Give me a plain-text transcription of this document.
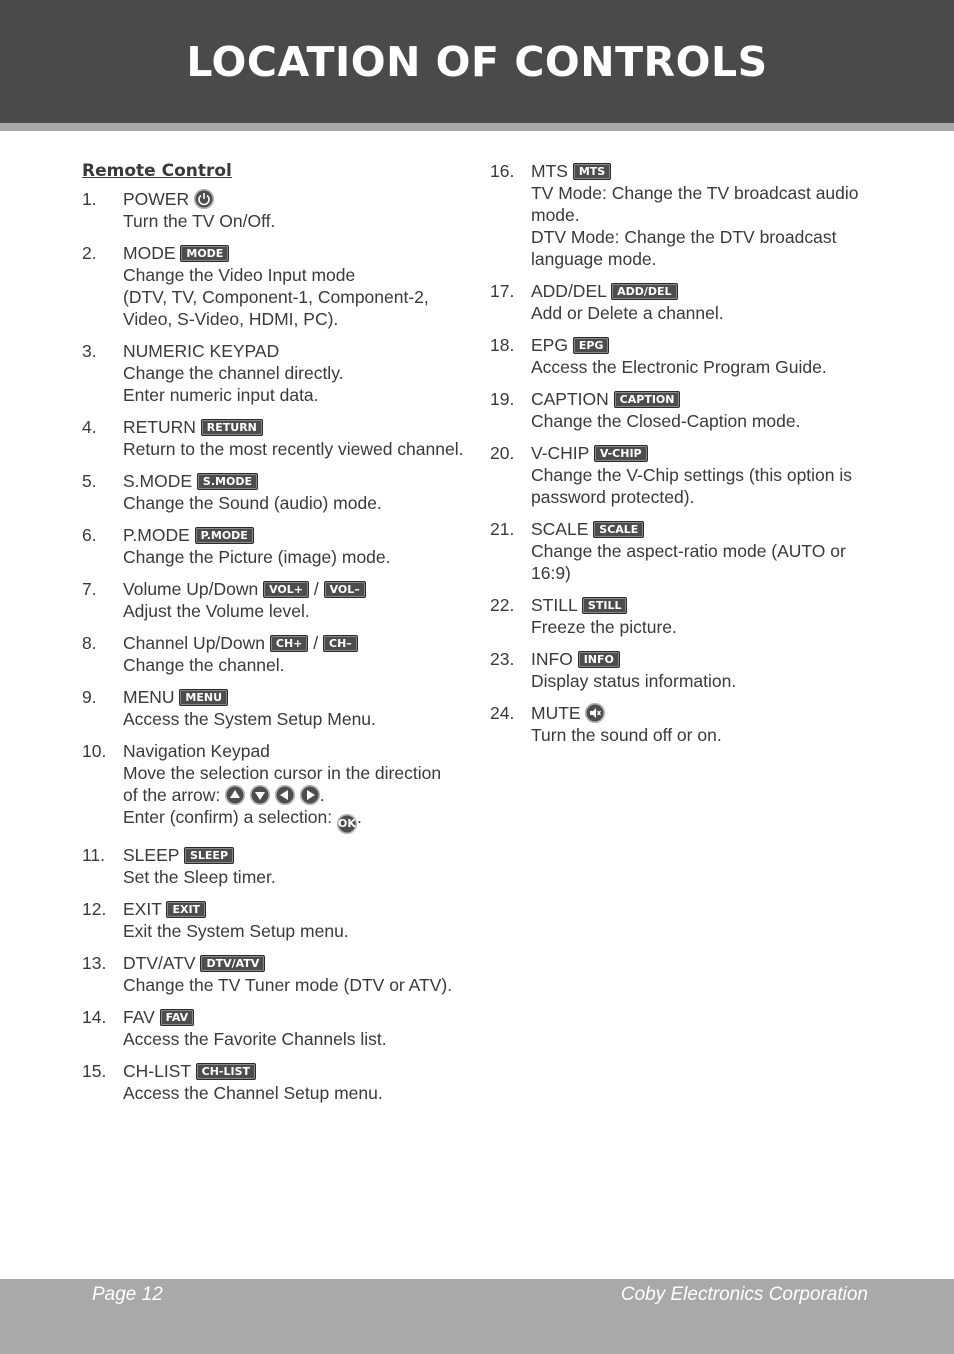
LOCATION OF CONTROLS
Remote Control
1. POWER
Turn the TV On/Off.
2. MODE MODE
Change the Video Input mode
(DTV, TV, Component-1, Component-2, Video, S-Video, HDMI, PC).
3. NUMERIC KEYPAD
Change the channel directly.
Enter numeric input data.
4. RETURN RETURN
Return to the most recently viewed channel.
5. S.MODE S.MODE
Change the Sound (audio) mode.
6. P.MODE P.MODE
Change the Picture (image) mode.
7. Volume Up/Down VOL+ / VOL–
Adjust the Volume level.
8. Channel Up/Down CH+ / CH–
Change the channel.
9. MENU MENU
Access the System Setup Menu.
10. Navigation Keypad
Move the selection cursor in the direction
of the arrow:

	.
Enter (confirm) a selection: OK.
11. SLEEP SLEEP
Set the Sleep timer.
12. EXIT EXIT
Exit the System Setup menu.
13. DTV/ATV DTV/ATV
Change the TV Tuner mode (DTV or ATV).
14. FAV FAV
Access the Favorite Channels list.
15. CH-LIST CH-LIST
Access the Channel Setup menu.
16. MTS MTS
TV Mode: Change the TV broadcast audio mode.
DTV Mode: Change the DTV broadcast language mode.
17. ADD/DEL ADD/DEL
Add or Delete a channel.
18. EPG EPG
Access the Electronic Program Guide.
19. CAPTION CAPTION
Change the Closed-Caption mode.
20. V-CHIP V-CHIP
Change the V-Chip settings (this option is password protected).
21. SCALE SCALE
Change the aspect-ratio mode (AUTO or 16:9)
22. STILL STILL
Freeze the picture.
23. INFO INFO
Display status information.
24. MUTE
Turn the sound off or on.
Page 12	Coby Electronics Corporation
